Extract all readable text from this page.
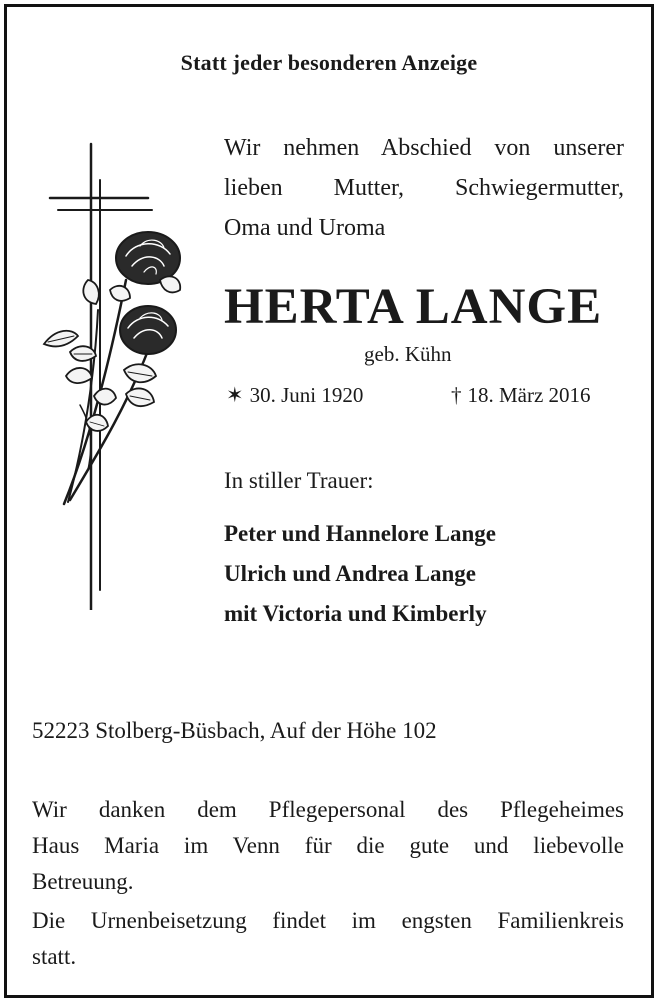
Statt jeder besonderen Anzeige
Wir nehmen Abschied von unserer
lieben Mutter, Schwiegermutter,
Oma und Uroma
HERTA LANGE
geb. Kühn
✶ 30. Juni 1920	† 18. März 2016
In stiller Trauer:
Peter und Hannelore Lange
Ulrich und Andrea Lange
mit Victoria und Kimberly
52223 Stolberg-Büsbach, Auf der Höhe 102
Wir danken dem Pflegepersonal des Pflegeheimes
Haus Maria im Venn für die gute und liebevolle
Betreuung.
Die Urnenbeisetzung findet im engsten Familienkreis
statt.
